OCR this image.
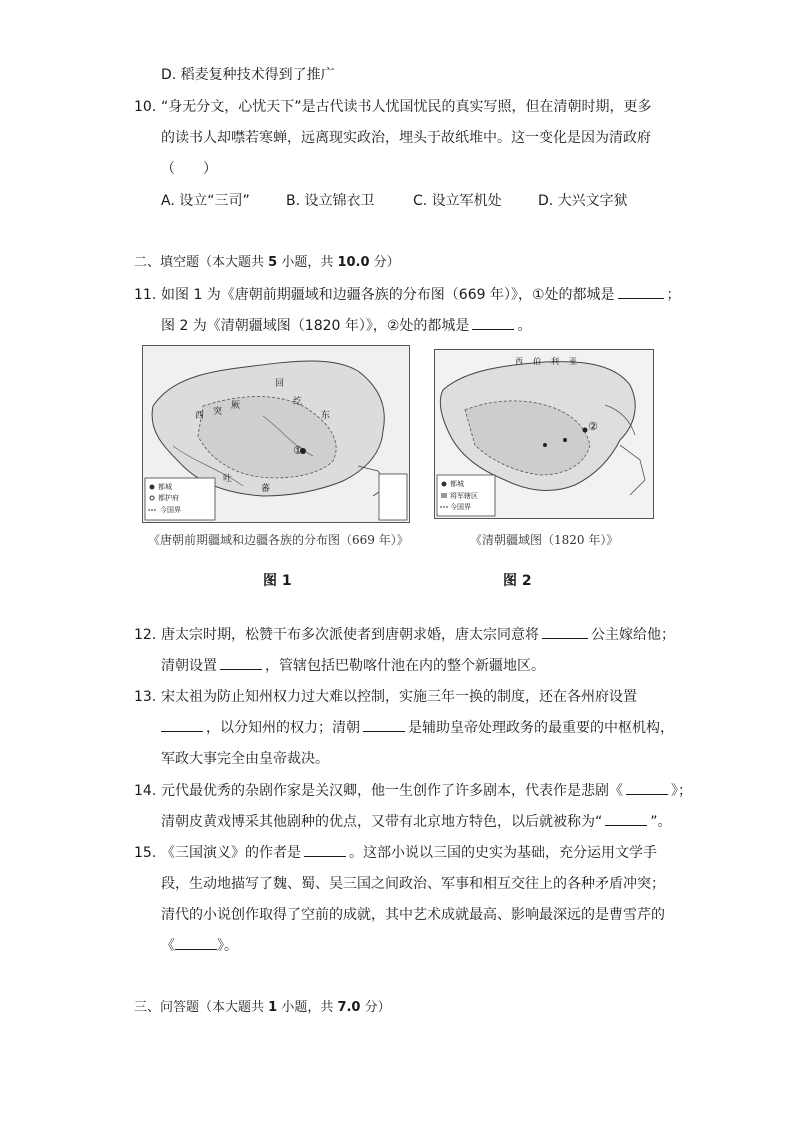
D. 稻麦复种技术得到了推广
10. “身无分文，心忧天下”是古代读书人忧国忧民的真实写照，但在清朝时期，更多
的读书人却噤若寒蝉，远离现实政治，埋头于故纸堆中。这一变化是因为清政府
（　　）
A. 设立“三司”	B. 设立锦衣卫	C. 设立军机处	D. 大兴文字狱
二、填空题（本大题共 5 小题，共 10.0 分）
11. 如图 1 为《唐朝前期疆域和边疆各族的分布图（669 年）》，①处的都城是	；
图 2 为《清朝疆域图（1820 年）》，②处的都城是	。
回
纥
西 突
厥
东
吐
蕃
①
都城
都护府
今国界
《唐朝前期疆域和边疆各族的分布图（669 年）》
图 1
西 伯 利 亚
②
都城
将军辖区
今国界
《清朝疆域图（1820 年）》
图 2
12. 唐太宗时期，松赞干布多次派使者到唐朝求婚，唐太宗同意将	公主嫁给他；
清朝设置	，管辖包括巴勒喀什池在内的整个新疆地区。
13. 宋太祖为防止知州权力过大难以控制，实施三年一换的制度，还在各州府设置
，以分知州的权力；清朝	是辅助皇帝处理政务的最重要的中枢机构，
军政大事完全由皇帝裁决。
14. 元代最优秀的杂剧作家是关汉卿，他一生创作了许多剧本，代表作是悲剧《	》；
清朝皮黄戏博采其他剧种的优点，又带有北京地方特色，以后就被称为“	”。
15. 《三国演义》的作者是	。这部小说以三国的史实为基础，充分运用文学手
段，生动地描写了魏、蜀、吴三国之间政治、军事和相互交往上的各种矛盾冲突；
清代的小说创作取得了空前的成就，其中艺术成就最高、影响最深远的是曹雪芹的
《	》。
三、问答题（本大题共 1 小题，共 7.0 分）
